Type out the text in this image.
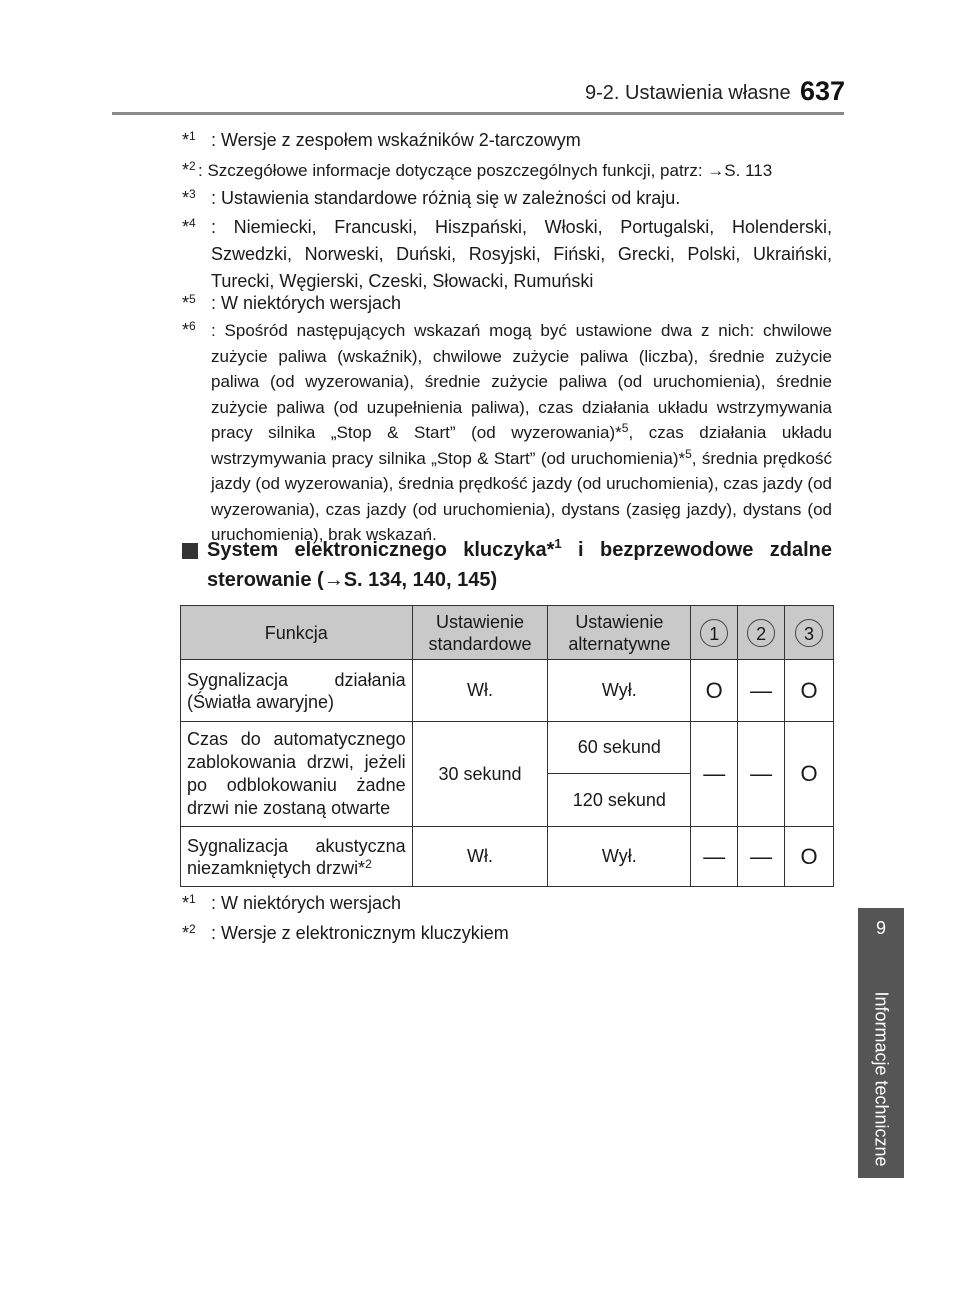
9-2. Ustawienia własne 637
9
Informacje techniczne
*$^1$ : Wersje z zespołem wskaźników 2-tarczowym
*$^2$ : Szczegółowe informacje dotyczące poszczególnych funkcji, patrz: →S. 113
*$^3$ : Ustawienia standardowe różnią się w zależności od kraju.
*$^4$ : Niemiecki, Francuski, Hiszpański, Włoski, Portugalski, Holenderski, Szwedzki, Norweski, Duński, Rosyjski, Fiński, Grecki, Polski, Ukraiński, Turecki, Węgierski, Czeski, Słowacki, Rumuński
*$^5$ : W niektórych wersjach
*$^6$ : Spośród następujących wskazań mogą być ustawione dwa z nich: chwilowe zużycie paliwa (wskaźnik), chwilowe zużycie paliwa (liczba), średnie zużycie paliwa (od wyzerowania), średnie zużycie paliwa (od uruchomienia), średnie zużycie paliwa (od uzupełnienia paliwa), czas działania układu wstrzymywania pracy silnika „Stop & Start” (od wyzerowania)*$^5$, czas działania układu wstrzymywania pracy silnika „Stop & Start” (od uruchomienia)*$^5$, średnia prędkość jazdy (od wyzerowania), średnia prędkość jazdy (od uruchomienia), czas jazdy (od wyzerowania), czas jazdy (od uruchomienia), dystans (zasięg jazdy), dystans (od uruchomienia), brak wskazań.
System elektronicznego kluczyka*$^1$ i bezprzewodowe zdalne sterowanie (→S. 134, 140, 145)
Funkcja	Ustawienie standardowe	Ustawienie alternatywne	1	2	3
Sygnalizacja działania (Światła awaryjne)	Wł.	Wył.	O	—	O
Czas do automatycznego zablokowania drzwi, jeżeli po odblokowaniu żadne drzwi nie zostaną otwarte	30 sekund	60 sekund	—	—	O
		120 sekund			
Sygnalizacja akustyczna niezamkniętych drzwi*$^2$	Wł.	Wył.	—	—	O
*$^1$ : W niektórych wersjach
*$^2$ : Wersje z elektronicznym kluczykiem
